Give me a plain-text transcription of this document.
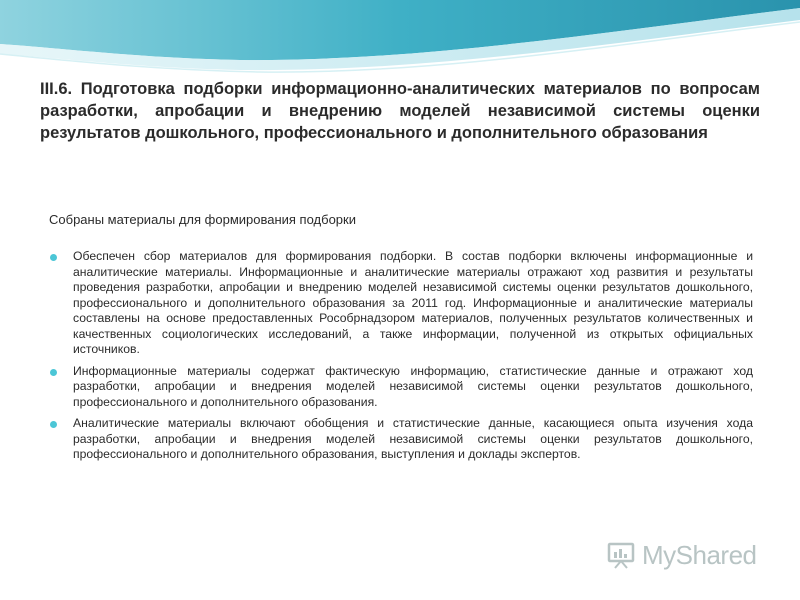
III.6. Подготовка подборки информационно-аналитических материалов по вопросам разработки, апробации и внедрению моделей независимой системы оценки результатов дошкольного, профессионального и дополнительного образования

Собраны материалы для формирования подборки

Обеспечен сбор материалов для формирования подборки. В состав подборки включены информационные и аналитические материалы. Информационные и аналитические материалы отражают ход развития и результаты проведения разработки, апробации и внедрению моделей независимой системы оценки результатов дошкольного, профессионального и дополнительного образования за 2011 год. Информационные и аналитические материалы составлены на основе предоставленных Рособрнадзором материалов, полученных результатов количественных и качественных социологических исследований, а также информации, полученной из открытых официальных источников.
Информационные материалы содержат фактическую информацию, статистические данные и отражают ход разработки, апробации и внедрения моделей независимой системы оценки результатов дошкольного, профессионального и дополнительного образования.
Аналитические материалы включают обобщения и статистические данные, касающиеся опыта изучения хода разработки, апробации и внедрения моделей независимой системы оценки результатов дошкольного, профессионального и дополнительного образования, выступления и доклады экспертов.
MyShared
